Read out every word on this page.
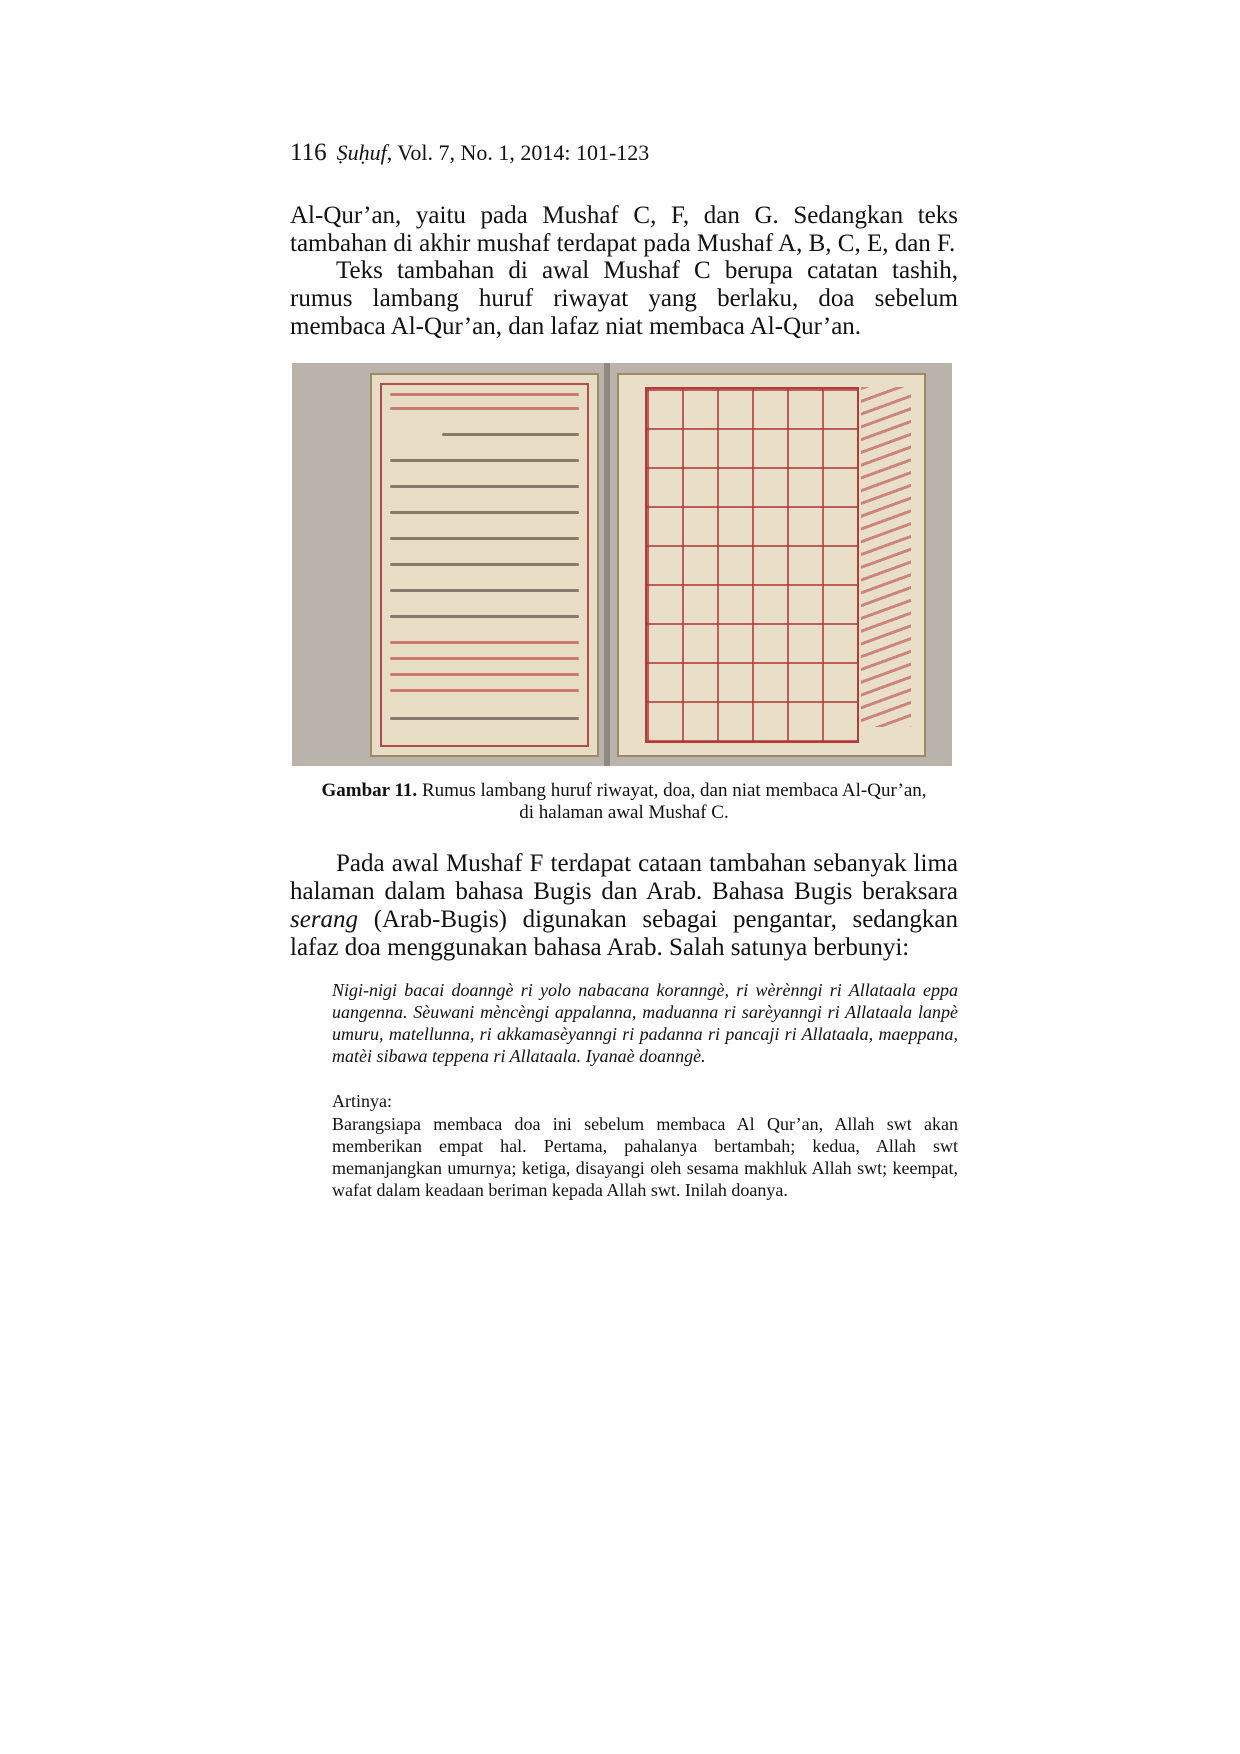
116 Ṣuḥuf, Vol. 7, No. 1, 2014: 101-123

Al-Qur’an, yaitu pada Mushaf C, F, dan G. Sedangkan teks tambahan di akhir mushaf terdapat pada Mushaf A, B, C, E, dan F.

Teks tambahan di awal Mushaf C berupa catatan tashih, rumus lambang huruf riwayat yang berlaku, doa sebelum membaca Al-Qur’an, dan lafaz niat membaca Al-Qur’an.

Gambar 11. Rumus lambang huruf riwayat, doa, dan niat membaca Al-Qur’an,
di halaman awal Mushaf C.

Pada awal Mushaf F terdapat cataan tambahan sebanyak lima halaman dalam bahasa Bugis dan Arab. Bahasa Bugis beraksara serang (Arab-Bugis) digunakan sebagai pengantar, sedangkan lafaz doa menggunakan bahasa Arab. Salah satunya berbunyi:

Nigi-nigi bacai doanngè ri yolo nabacana koranngè, ri wèrènngi ri Allataala eppa uangenna. Sèuwani mèncèngi appalanna, maduanna ri sarèyanngi ri Allataala lanpè umuru, matellunna, ri akkamasèyanngi ri padanna ri pancaji ri Allataala, maeppana, matèi sibawa teppena ri Allataala. Iyanaè doanngè.

Artinya:

Barangsiapa membaca doa ini sebelum membaca Al Qur’an, Allah swt akan memberikan empat hal. Pertama, pahalanya bertambah; kedua, Allah swt memanjangkan umurnya; ketiga, disayangi oleh sesama makhluk Allah swt; keempat, wafat dalam keadaan beriman kepada Allah swt. Inilah doanya.
